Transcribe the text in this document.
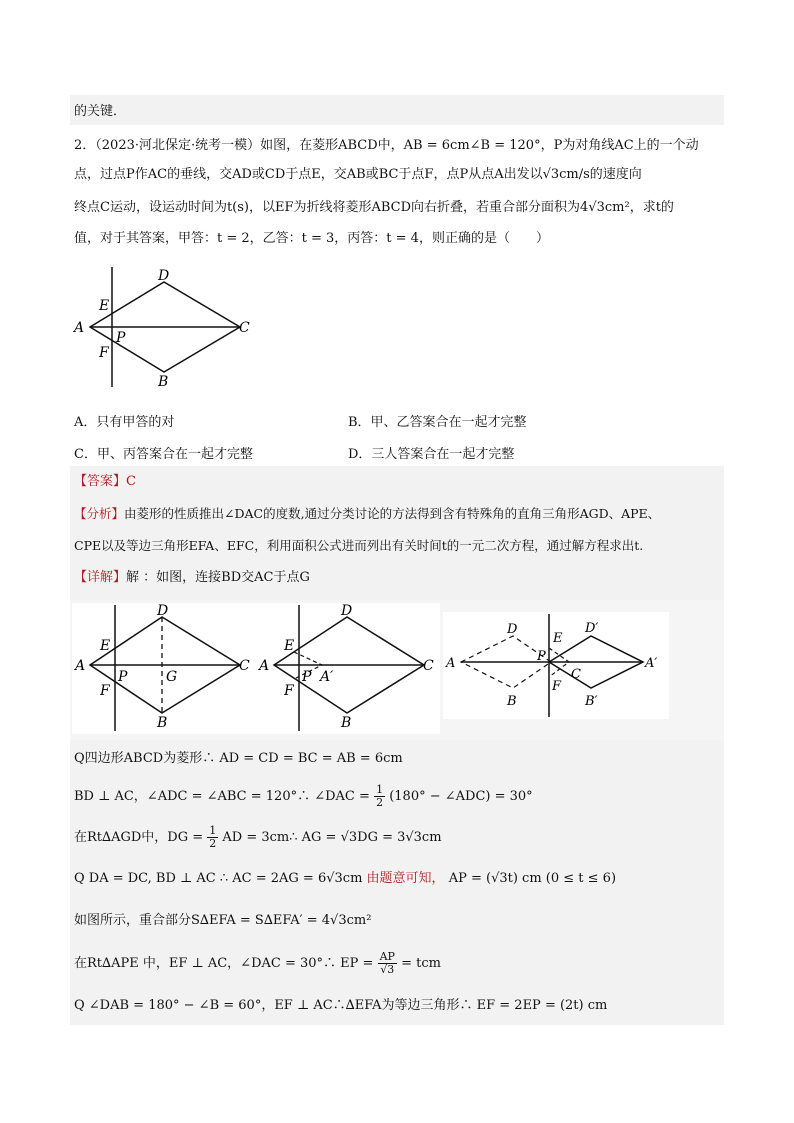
的关键．
2．（2023·河北保定·统考一模）如图，在菱形ABCD中，AB = 6cm∠B = 120°，P为对角线AC上的一个动
点，过点P作AC的垂线，交AD或CD于点E，交AB或BC于点F，点P从点A出发以√3cm/s的速度向
终点C运动，设运动时间为t(s)，以EF为折线将菱形ABCD向右折叠，若重合部分面积为4√3cm²，求t的
值，对于其答案，甲答：t = 2，乙答：t = 3，丙答：t = 4，则正确的是（　　）
D
E
A
P
C
F
B
A．只有甲答的对	B．甲、乙答案合在一起才完整
C．甲、丙答案合在一起才完整	D．三人答案合在一起才完整
【答案】C
【分析】由菱形的性质推出∠DAC的度数,通过分类讨论的方法得到含有特殊角的直角三角形AGD、APE、
CPE以及等边三角形EFA、EFC，利用面积公式进而列出有关时间t的一元二次方程，通过解方程求出t.
【详解】解 ：如图，连接BD交AC于点G
D
E
A
P	G
C
F
B
D
E
A
P A′
C
F
B
D
E
D′
A	P
C
A′
F
B	B′
Q四边形ABCD为菱形∴ AD = CD = BC = AB = 6cm
BD ⊥ AC，∠ADC = ∠ABC = 120°∴ ∠DAC = $\frac{1}{2} (180^\circ$ − ∠ADC) = 30°
在Rt∆AGD中，DG = $\frac{1}{2}$ AD = 3cm∴ AG = √3DG = 3√3cm
Q DA = DC, BD ⊥ AC ∴ AC = 2AG = 6√3cm 由题意可知， AP = (√3t) cm (0 ≤ t ≤ 6)
如图所示，重合部分S∆EFA = S∆EFA′ = 4√3cm²
在Rt∆APE 中，EF ⊥ AC，∠DAC = 30°∴ EP = $\frac{AP}{√3}$ = tcm
Q ∠DAB = 180° − ∠B = 60°，EF ⊥ AC∴∆EFA为等边三角形∴ EF = 2EP = (2t) cm
